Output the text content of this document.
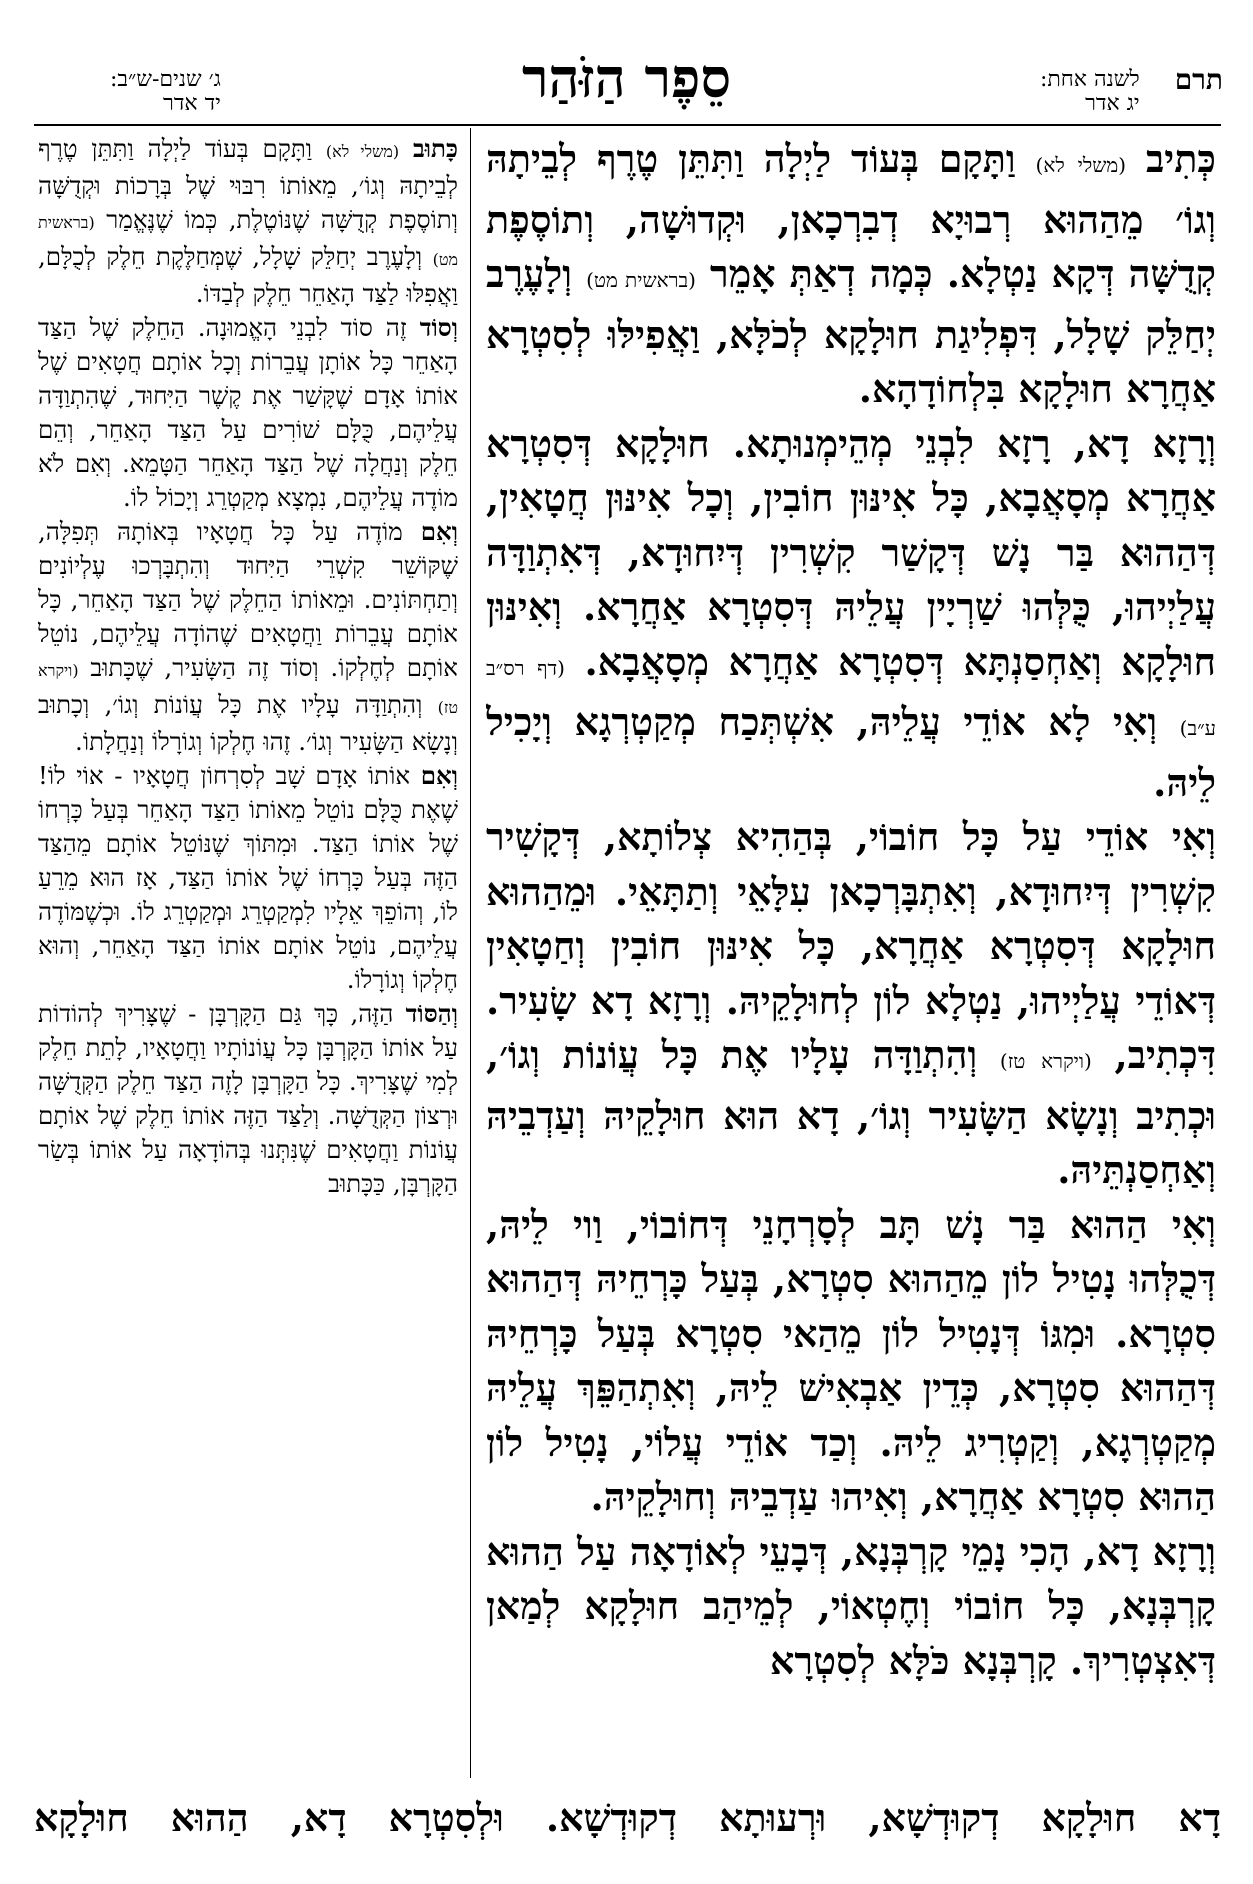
תרם
לשנה אחת:
יג אדר
סֵפֶר הַזֹּהַר
ג׳ שנים-ש״ב:
יד אדר

כְּתִיב (משלי לא) וַתָּקָם בְּעוֹד לַיְלָה וַתִּתֵּן טֶרֶף לְבֵיתָהּ וְגוֹ׳ מֵהַהוּא רְבוּיָא דְבִרְכָאן, וּקְדוּשָׁה, וְתוֹסֶפֶת קְדֻשָּׁה דְּקָא נַטְלָא. כְּמָה דְאַתְּ אָמֵר (בראשית מט) וְלָעֶרֶב יְחַלֵּק שָׁלָל, דִּפְלִיגַת חוּלָקָא לְכֹלָּא, וַאֲפִילּוּ לְסִטְרָא אַחֲרָא חוּלָקָא בִּלְחוֹדָהָא.

וְרָזָא דָא, רָזָא לִבְנֵי מְהֵימְנוּתָא. חוּלָקָא דְּסִטְרָא אַחֲרָא מְסָאֲבָא, כָּל אִינּוּן חוֹבִין, וְכָל אִינּוּן חֲטָאִין, דְּהַהוּא בַּר נָשׁ דְּקָשַׁר קִשְׁרִין דְּיִחוּדָא, דְּאִתְוַדָּה עֲלַיְיהוּ, כֻּלְּהוּ שַׁרְיָין עֲלֵיהּ דְּסִטְרָא אַחֲרָא. וְאִינּוּן חוּלָקָא וְאַחְסַנְתָּא דְּסִטְרָא אַחֲרָא מְסָאֲבָא. (דף רס״ב ע״ב) וְאִי לָא אוֹדֵי עֲלֵיהּ, אִשְׁתְּכַח מְקַטְרְגָא וְיָכִיל לֵיהּ.

וְאִי אוֹדֵי עַל כָּל חוֹבוֹי, בְּהַהִיא צְלוֹתָא, דְּקָשִׁיר קִשְׁרִין דְּיִחוּדָא, וְאִתְבָּרְכָאן עִלָּאֵי וְתַתָּאֵי. וּמֵהַהוּא חוּלָקָא דְּסִטְרָא אַחֲרָא, כָּל אִינּוּן חוֹבִין וְחַטָאִין דְּאוֹדֵי עֲלַיְיהוּ, נַטְלָא לוֹן לְחוּלָקֵיהּ. וְרָזָא דָא שָׂעִיר. דִּכְתִיב, (ויקרא טז) וְהִתְוַדָּה עָלָיו אֶת כָּל עֲוֹנוֹת וְגוֹ׳, וּכְתִיב וְנָשָׂא הַשָּׂעִיר וְגוֹ׳, דָא הוּא חוּלָקֵיהּ וְעַדְבֵיהּ וְאַחְסַנְתֵּיהּ.

וְאִי הַהוּא בַּר נָשׁ תָּב לְסָרְחָנֵי דְּחוֹבוֹי, וַוי לֵיהּ, דְּכֻלְּהוּ נָטִיל לוֹן מֵהַהוּא סִטְרָא, בְּעַל כָּרְחֵיהּ דְּהַהוּא סִטְרָא. וּמִגּוֹ דְּנָטִיל לוֹן מֵהַאי סִטְרָא בְּעַל כָּרְחֵיהּ דְּהַהוּא סִטְרָא, כְּדֵין אַבְאִישׁ לֵיהּ, וְאִתְהַפֵּךְ עֲלֵיהּ מְקַטְרְגָא, וְקַטְרִיג לֵיהּ. וְכַד אוֹדֵי עֲלוֹי, נָטִיל לוֹן הַהוּא סִטְרָא אַחֲרָא, וְאִיהוּ עַדְבֵיהּ וְחוּלָקֵיהּ.

וְרָזָא דָא, הָכִי נָמֵי קָרְבְּנָא, דְּבָעֵי לְאוֹדָאָה עַל הַהוּא קָרְבְּנָא, כָּל חוֹבוֹי וְחֶטְאוֹי, לְמֵיהַב חוּלָקָא לְמַאן דְּאִצְטְרִיךְ. קָרְבְּנָא כֹּלָּא לְסִטְרָא

כָּתוּב (משלי לא) וַתָּקָם בְּעוֹד לַיְלָה וַתִּתֵּן טֶרֶף לְבֵיתָהּ וְגוֹ׳, מֵאוֹתוֹ רִבּוּי שֶׁל בְּרָכוֹת וּקְדֻשָּׁה וְתוֹסֶפֶת קְדֻשָּׁה שֶׁנּוֹטֶלֶת, כְּמוֹ שֶׁנֶּאֱמַר (בראשית מט) וְלָעֶרֶב יְחַלֵּק שָׁלָל, שֶׁמְּחַלֶּקֶת חֵלֶק לְכֻלָּם, וַאֲפִלּוּ לַצַּד הָאַחֵר חֵלֶק לְבַדּוֹ.

וְסוֹד זֶה סוֹד לִבְנֵי הָאֱמוּנָה. הַחֵלֶק שֶׁל הַצַּד הָאַחֵר כָּל אוֹתָן עֲבֵרוֹת וְכָל אוֹתָם חֲטָאִים שֶׁל אוֹתוֹ אָדָם שֶׁקָּשַׁר אֶת קֶשֶׁר הַיִּחוּד, שֶׁהִתְוַדָּה עֲלֵיהֶם, כֻּלָּם שׁוֹרִים עַל הַצַּד הָאַחֵר, וְהֵם חֵלֶק וְנַחֲלָה שֶׁל הַצַּד הָאַחֵר הַטָּמֵא. וְאִם לֹא מוֹדֶה עֲלֵיהֶם, נִמְצָא מְקַטְרֵג וְיָכוֹל לוֹ.

וְאִם מוֹדֶה עַל כָּל חֲטָאָיו בְּאוֹתָהּ תְּפִלָּה, שֶׁקּוֹשֵׁר קִשְׁרֵי הַיִּחוּד וְהִתְבָּרְכוּ עֶלְיוֹנִים וְתַחְתּוֹנִים. וּמֵאוֹתוֹ הַחֵלֶק שֶׁל הַצַּד הָאַחֵר, כָּל אוֹתָם עֲבֵרוֹת וַחֲטָאִים שֶׁהוֹדָה עֲלֵיהֶם, נוֹטֵל אוֹתָם לְחֶלְקוֹ. וְסוֹד זֶה הַשָּׂעִיר, שֶׁכָּתוּב (ויקרא טז) וְהִתְוַדָּה עָלָיו אֶת כָּל עֲוֹנוֹת וְגוֹ׳, וְכָתוּב וְנָשָׂא הַשָּׂעִיר וְגוֹ׳. זֶהוּ חֶלְקוֹ וְגוֹרָלוֹ וְנַחֲלָתוֹ.

וְאִם אוֹתוֹ אָדָם שָׁב לְסִרְחוֹן חֲטָאָיו - אוֹי לוֹ! שֶׁאֶת כֻּלָּם נוֹטֵל מֵאוֹתוֹ הַצַּד הָאַחֵר בְּעַל כָּרְחוֹ שֶׁל אוֹתוֹ הַצַּד. וּמִתּוֹךְ שֶׁנּוֹטֵל אוֹתָם מֵהַצַּד הַזֶּה בְּעַל כָּרְחוֹ שֶׁל אוֹתוֹ הַצַּד, אָז הוּא מֵרֵעַ לוֹ, וְהוֹפֵךְ אֵלָיו לִמְקַטְרֵג וּמְקַטְרֵג לוֹ. וּכְשֶׁמּוֹדֶה עֲלֵיהֶם, נוֹטֵל אוֹתָם אוֹתוֹ הַצַּד הָאַחֵר, וְהוּא חֶלְקוֹ וְגוֹרָלוֹ.

וְהַסּוֹד הַזֶּה, כָּךְ גַּם הַקָּרְבָּן - שֶׁצָּרִיךְ לְהוֹדוֹת עַל אוֹתוֹ הַקָּרְבָּן כָּל עֲוֹנוֹתָיו וַחֲטָאָיו, לָתֵת חֵלֶק לְמִי שֶׁצָּרִיךְ. כָּל הַקָּרְבָּן לָזֶה הַצַּד חֵלֶק הַקְּדֻשָּׁה וּרְצוֹן הַקְּדֻשָּׁה. וְלַצַּד הַזֶּה אוֹתוֹ חֵלֶק שֶׁל אוֹתָם עֲוֹנוֹת וַחֲטָאִים שֶׁנִּתְּנוּ בְּהוֹדָאָה עַל אוֹתוֹ בְּשַׂר הַקָּרְבָּן, כַּכָּתוּב

דָא חוּלָקָא דְקוּדְשָׁא, וּרְעוּתָא דְקוּדְשָׁא. וּלְסִטְרָא דָא, הַהוּא חוּלָקָא
